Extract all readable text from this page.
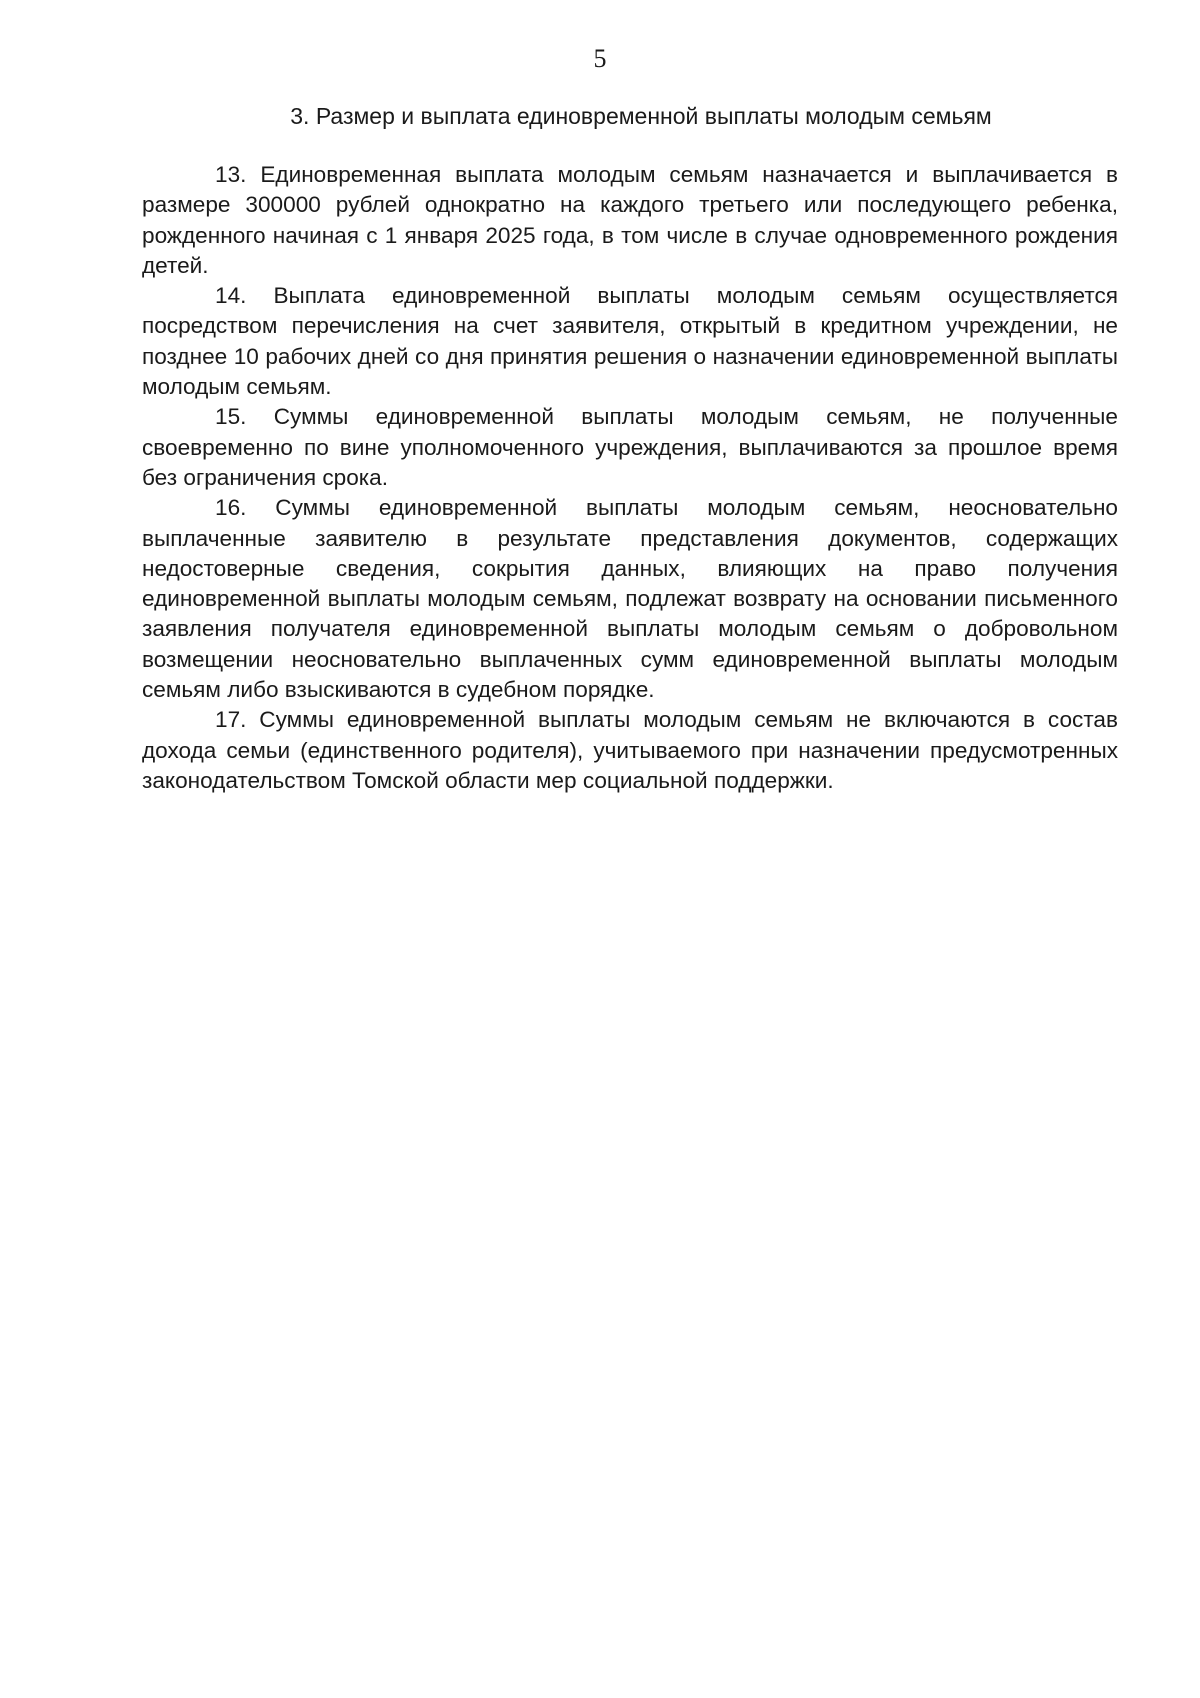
5
3. Размер и выплата единовременной выплаты молодым семьям

13. Единовременная выплата молодым семьям назначается и выплачивается в размере 300000 рублей однократно на каждого третьего или последующего ребенка, рожденного начиная с 1 января 2025 года, в том числе в случае одновременного рождения детей.

14. Выплата единовременной выплаты молодым семьям осуществляется посредством перечисления на счет заявителя, открытый в кредитном учреждении, не позднее 10 рабочих дней со дня принятия решения о назначении единовременной выплаты молодым семьям.

15. Суммы единовременной выплаты молодым семьям, не полученные своевременно по вине уполномоченного учреждения, выплачиваются за прошлое время без ограничения срока.

16. Суммы единовременной выплаты молодым семьям, неосновательно выплаченные заявителю в результате представления документов, содержащих недостоверные сведения, сокрытия данных, влияющих на право получения единовременной выплаты молодым семьям, подлежат возврату на основании письменного заявления получателя единовременной выплаты молодым семьям о добровольном возмещении неосновательно выплаченных сумм единовременной выплаты молодым семьям либо взыскиваются в судебном порядке.

17. Суммы единовременной выплаты молодым семьям не включаются в состав дохода семьи (единственного родителя), учитываемого при назначении предусмотренных законодательством Томской области мер социальной поддержки.
